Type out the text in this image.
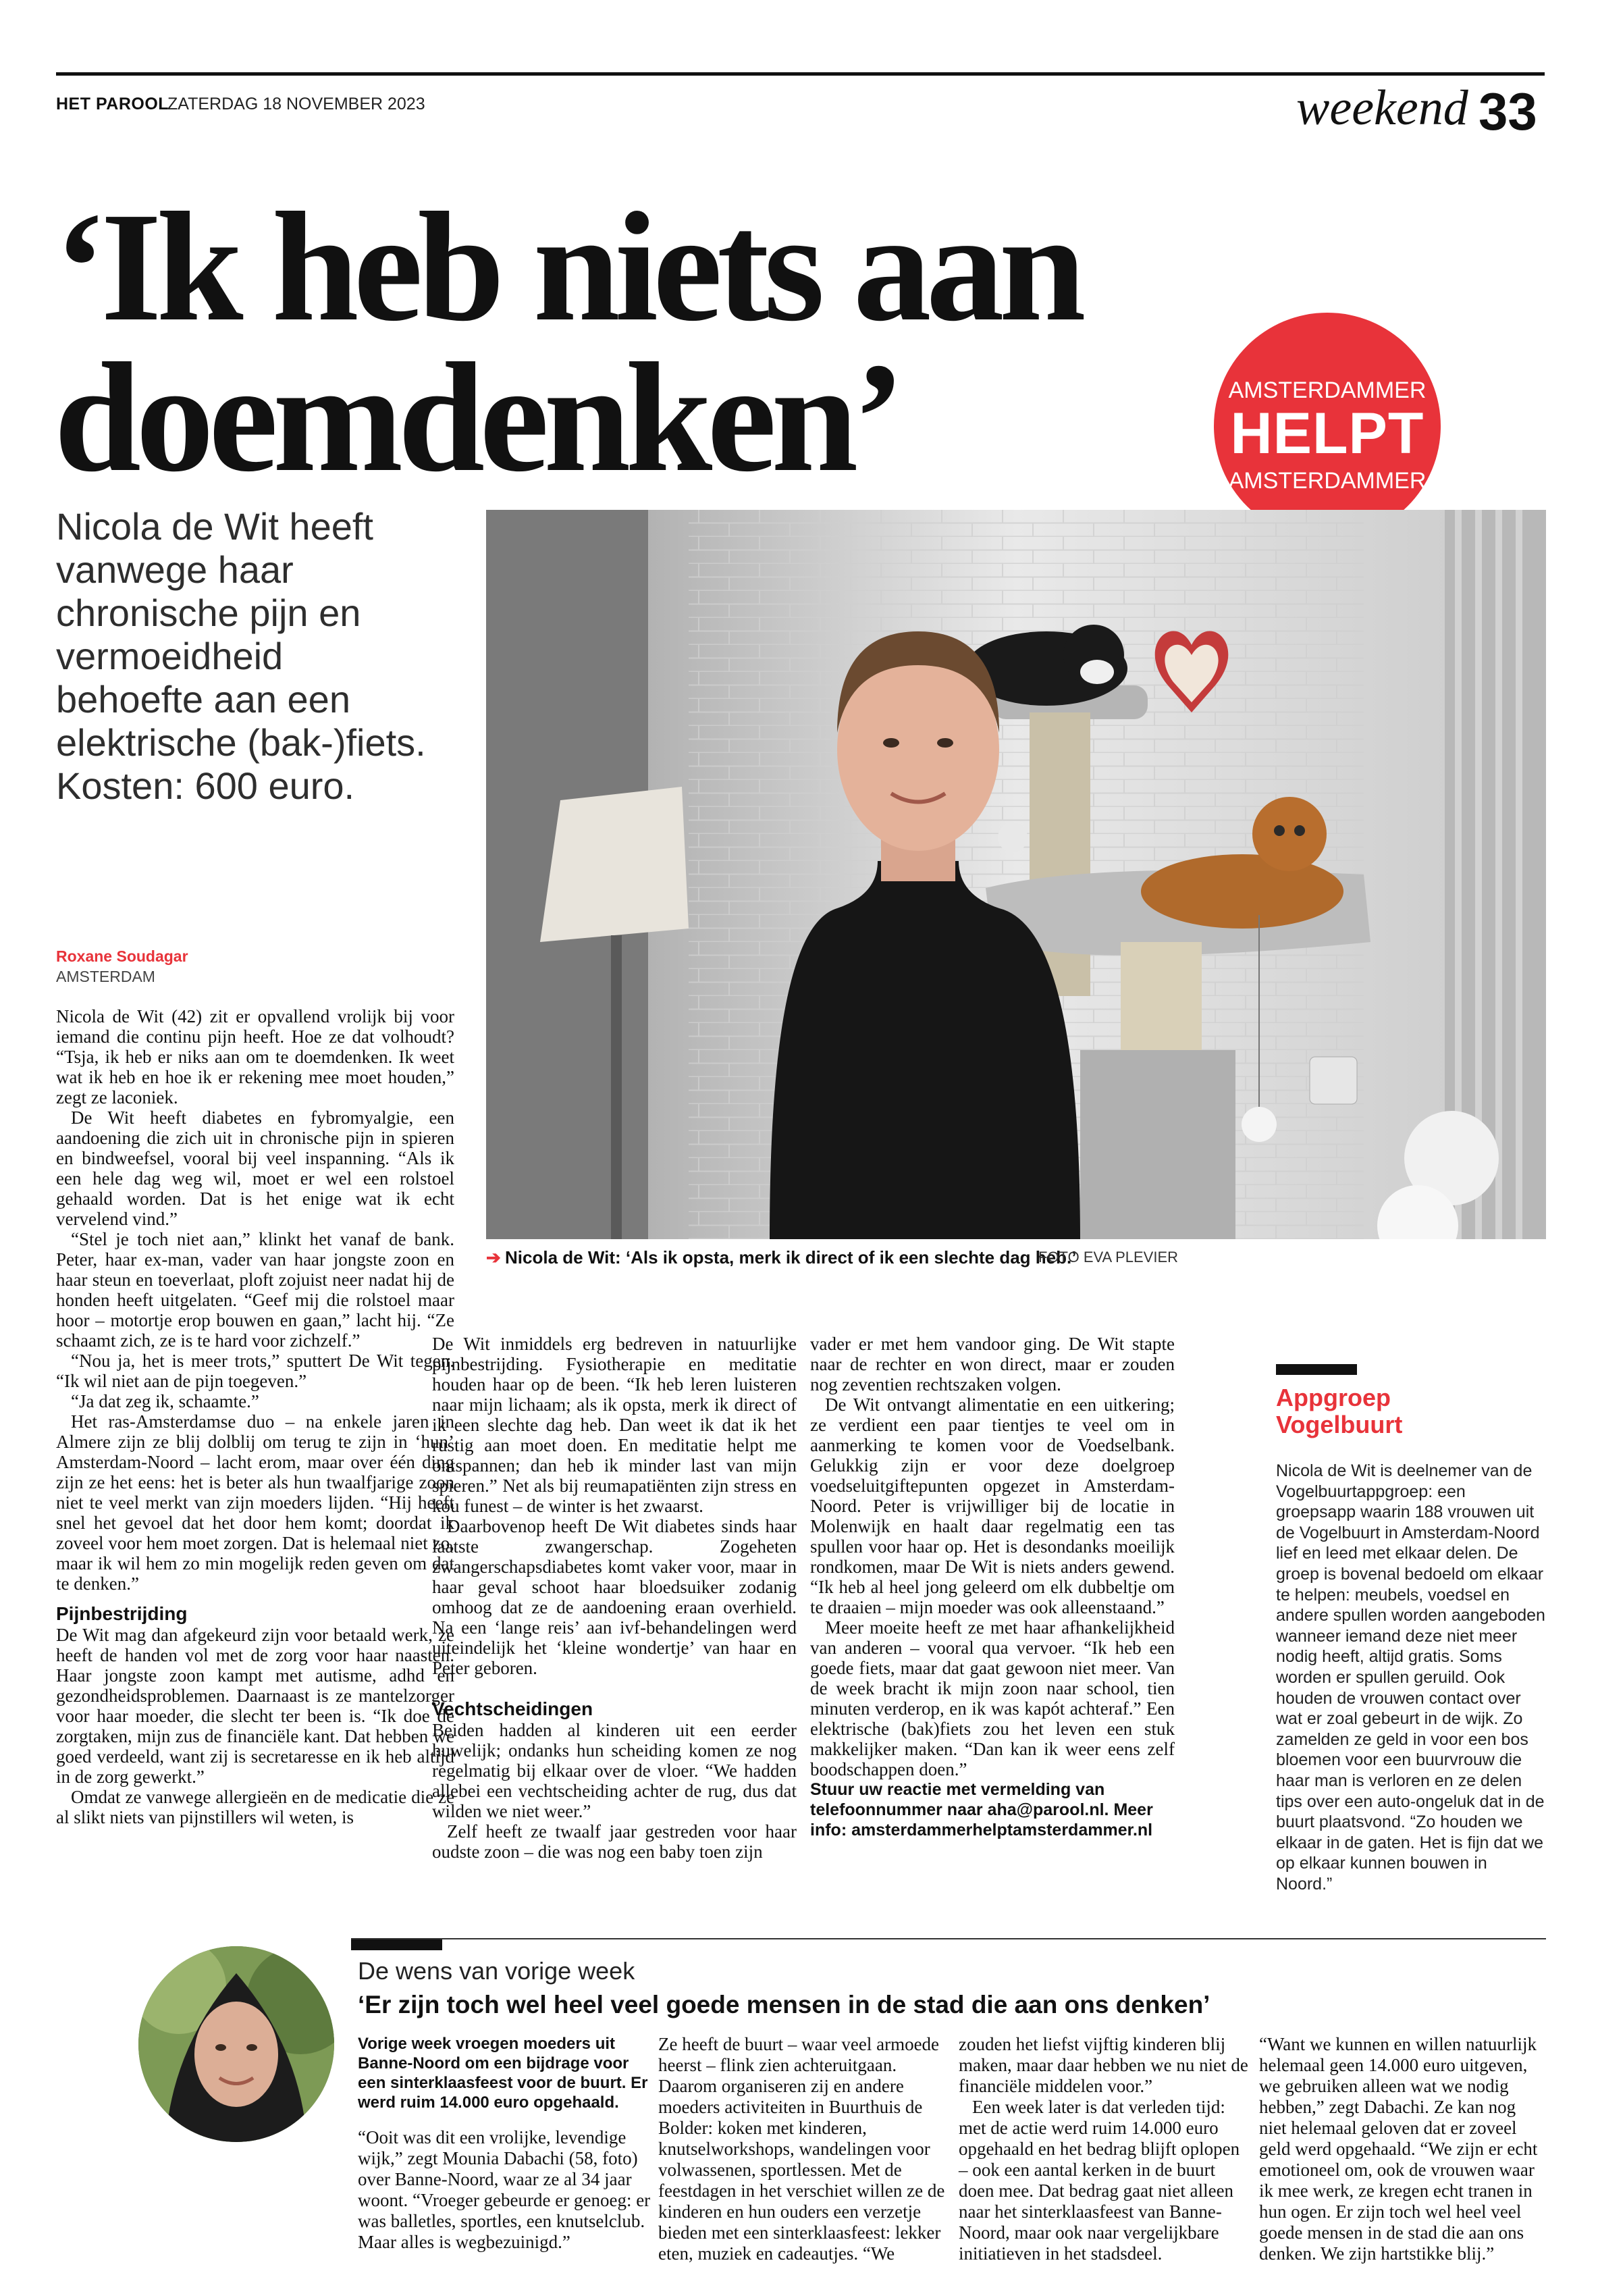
HET PAROOL
ZATERDAG 18 NOVEMBER 2023	weekend 33
‘Ik heb niets aan
doemdenken’	AMSTERDAMMER
HELPT
AMSTERDAMMER

Nicola de Wit heeft vanwege haar chronische pijn en vermoeidheid behoefte aan een elektrische (bak-)fiets. Kosten: 600 euro.

➔ Nicola de Wit: ‘Als ik opsta, merk ik direct of ik een slechte dag heb.’
FOTO EVA PLEVIER
Roxane Soudagar
AMSTERDAM

Nicola de Wit (42) zit er opvallend vrolijk bij voor iemand die continu pijn heeft. Hoe ze dat volhoudt? “Tsja, ik heb er niks aan om te doemdenken. Ik weet wat ik heb en hoe ik er rekening mee moet houden,” zegt ze laconiek.

De Wit heeft diabetes en fybromyalgie, een aandoening die zich uit in chronische pijn in spieren en bindweefsel, vooral bij veel inspanning. “Als ik een hele dag weg wil, moet er wel een rolstoel gehaald worden. Dat is het enige wat ik echt vervelend vind.”

“Stel je toch niet aan,” klinkt het vanaf de bank. Peter, haar ex-man, vader van haar jongste zoon en haar steun en toeverlaat, ploft zojuist neer nadat hij de honden heeft uitgelaten. “Geef mij die rolstoel maar hoor – motortje erop bouwen en gaan,” lacht hij. “Ze schaamt zich, ze is te hard voor zichzelf.”

“Nou ja, het is meer trots,” sputtert De Wit tegen. “Ik wil niet aan de pijn toegeven.”

“Ja dat zeg ik, schaamte.”

Het ras-Amsterdamse duo – na enkele jaren in Almere zijn ze blij dolblij om terug te zijn in ‘hun’ Amsterdam-Noord – lacht erom, maar over één ding zijn ze het eens: het is beter als hun twaalfjarige zoon niet te veel merkt van zijn moeders lijden. “Hij heeft snel het gevoel dat het door hem komt; doordat ik zoveel voor hem moet zorgen. Dat is helemaal niet zo, maar ik wil hem zo min mogelijk reden geven om dat te denken.”

Pijnbestrijding

De Wit mag dan afgekeurd zijn voor betaald werk, ze heeft de handen vol met de zorg voor haar naasten. Haar jongste zoon kampt met autisme, adhd en gezondheidsproblemen. Daarnaast is ze mantelzorger voor haar moeder, die slecht ter been is. “Ik doe de zorgtaken, mijn zus de financiële kant. Dat hebben we goed verdeeld, want zij is secretaresse en ik heb altijd in de zorg gewerkt.”

Omdat ze vanwege allergieën en de medicatie die ze al slikt niets van pijnstillers wil weten, is

De Wit inmiddels erg bedreven in natuurlijke pijnbestrijding. Fysiotherapie en meditatie houden haar op de been. “Ik heb leren luisteren naar mijn lichaam; als ik opsta, merk ik direct of ik een slechte dag heb. Dan weet ik dat ik het rustig aan moet doen. En meditatie helpt me ontspannen; dan heb ik minder last van mijn spieren.” Net als bij reumapatiënten zijn stress en kou funest – de winter is het zwaarst.

Daarbovenop heeft De Wit diabetes sinds haar laatste zwangerschap. Zogeheten zwangerschapsdiabetes komt vaker voor, maar in haar geval schoot haar bloedsuiker zodanig omhoog dat ze de aandoening eraan overhield. Na een ‘lange reis’ aan ivf-behandelingen werd uiteindelijk het ‘kleine wondertje’ van haar en Peter geboren.

Vechtscheidingen

Beiden hadden al kinderen uit een eerder huwelijk; ondanks hun scheiding komen ze nog regelmatig bij elkaar over de vloer. “We hadden allebei een vechtscheiding achter de rug, dus dat wilden we niet weer.”

Zelf heeft ze twaalf jaar gestreden voor haar oudste zoon – die was nog een baby toen zijn

vader er met hem vandoor ging. De Wit stapte naar de rechter en won direct, maar er zouden nog zeventien rechtszaken volgen.

De Wit ontvangt alimentatie en een uitkering; ze verdient een paar tientjes te veel om in aanmerking te komen voor de Voedselbank. Gelukkig zijn er voor deze doelgroep voedseluitgiftepunten opgezet in Amsterdam-Noord. Peter is vrijwilliger bij de locatie in Molenwijk en haalt daar regelmatig een tas spullen voor haar op. Het is desondanks moeilijk rondkomen, maar De Wit is niets anders gewend. “Ik heb al heel jong geleerd om elk dubbeltje om te draaien – mijn moeder was ook alleenstaand.”

Meer moeite heeft ze met haar afhankelijkheid van anderen – vooral qua vervoer. “Ik heb een goede fiets, maar dat gaat gewoon niet meer. Van de week bracht ik mijn zoon naar school, tien minuten verderop, en ik was kapót achteraf.” Een elektrische (bak)fiets zou het leven een stuk makkelijker maken. “Dan kan ik weer eens zelf boodschappen doen.”

Stuur uw reactie met vermelding van telefoonnummer naar aha@parool.nl. Meer info: amsterdammerhelptamsterdammer.nl

Appgroep
Vogelbuurt

Nicola de Wit is deelnemer van de Vogelbuurtappgroep: een groepsapp waarin 188 vrouwen uit de Vogelbuurt in Amsterdam-Noord lief en leed met elkaar delen. De groep is bovenal bedoeld om elkaar te helpen: meubels, voedsel en andere spullen worden aangeboden wanneer iemand deze niet meer nodig heeft, altijd gratis. Soms worden er spullen geruild. Ook houden de vrouwen contact over wat er zoal gebeurt in de wijk. Zo zamelden ze geld in voor een bos bloemen voor een buurvrouw die haar man is verloren en ze delen tips over een auto-ongeluk dat in de buurt plaatsvond. “Zo houden we elkaar in de gaten. Het is fijn dat we op elkaar kunnen bouwen in Noord.”

De wens van vorige week
‘Er zijn toch wel heel veel goede mensen in de stad die aan ons denken’

Vorige week vroegen moeders uit Banne-Noord om een bijdrage voor een sinterklaasfeest voor de buurt. Er werd ruim 14.000 euro opgehaald.

“Ooit was dit een vrolijke, levendige wijk,” zegt Mounia Dabachi (58, foto) over Banne-Noord, waar ze al 34 jaar woont. “Vroeger gebeurde er genoeg: er was balletles, sportles, een knutselclub. Maar alles is wegbezuinigd.”

Ze heeft de buurt – waar veel armoede heerst – flink zien achteruitgaan. Daarom organiseren zij en andere moeders activiteiten in Buurthuis de Bolder: koken met kinderen, knutselworkshops, wandelingen voor volwassenen, sportlessen. Met de feestdagen in het verschiet willen ze de kinderen en hun ouders een verzetje bieden met een sinterklaasfeest: lekker eten, muziek en cadeautjes. “We

zouden het liefst vijftig kinderen blij maken, maar daar hebben we nu niet de financiële middelen voor.”

Een week later is dat verleden tijd: met de actie werd ruim 14.000 euro opgehaald en het bedrag blijft oplopen – ook een aantal kerken in de buurt doen mee. Dat bedrag gaat niet alleen naar het sinterklaasfeest van Banne-Noord, maar ook naar vergelijkbare initiatieven in het stadsdeel.

“Want we kunnen en willen natuurlijk helemaal geen 14.000 euro uitgeven, we gebruiken alleen wat we nodig hebben,” zegt Dabachi. Ze kan nog niet helemaal geloven dat er zoveel geld werd opgehaald. “We zijn er echt emotioneel om, ook de vrouwen waar ik mee werk, ze kregen echt tranen in hun ogen. Er zijn toch wel heel veel goede mensen in de stad die aan ons denken. We zijn hartstikke blij.”
